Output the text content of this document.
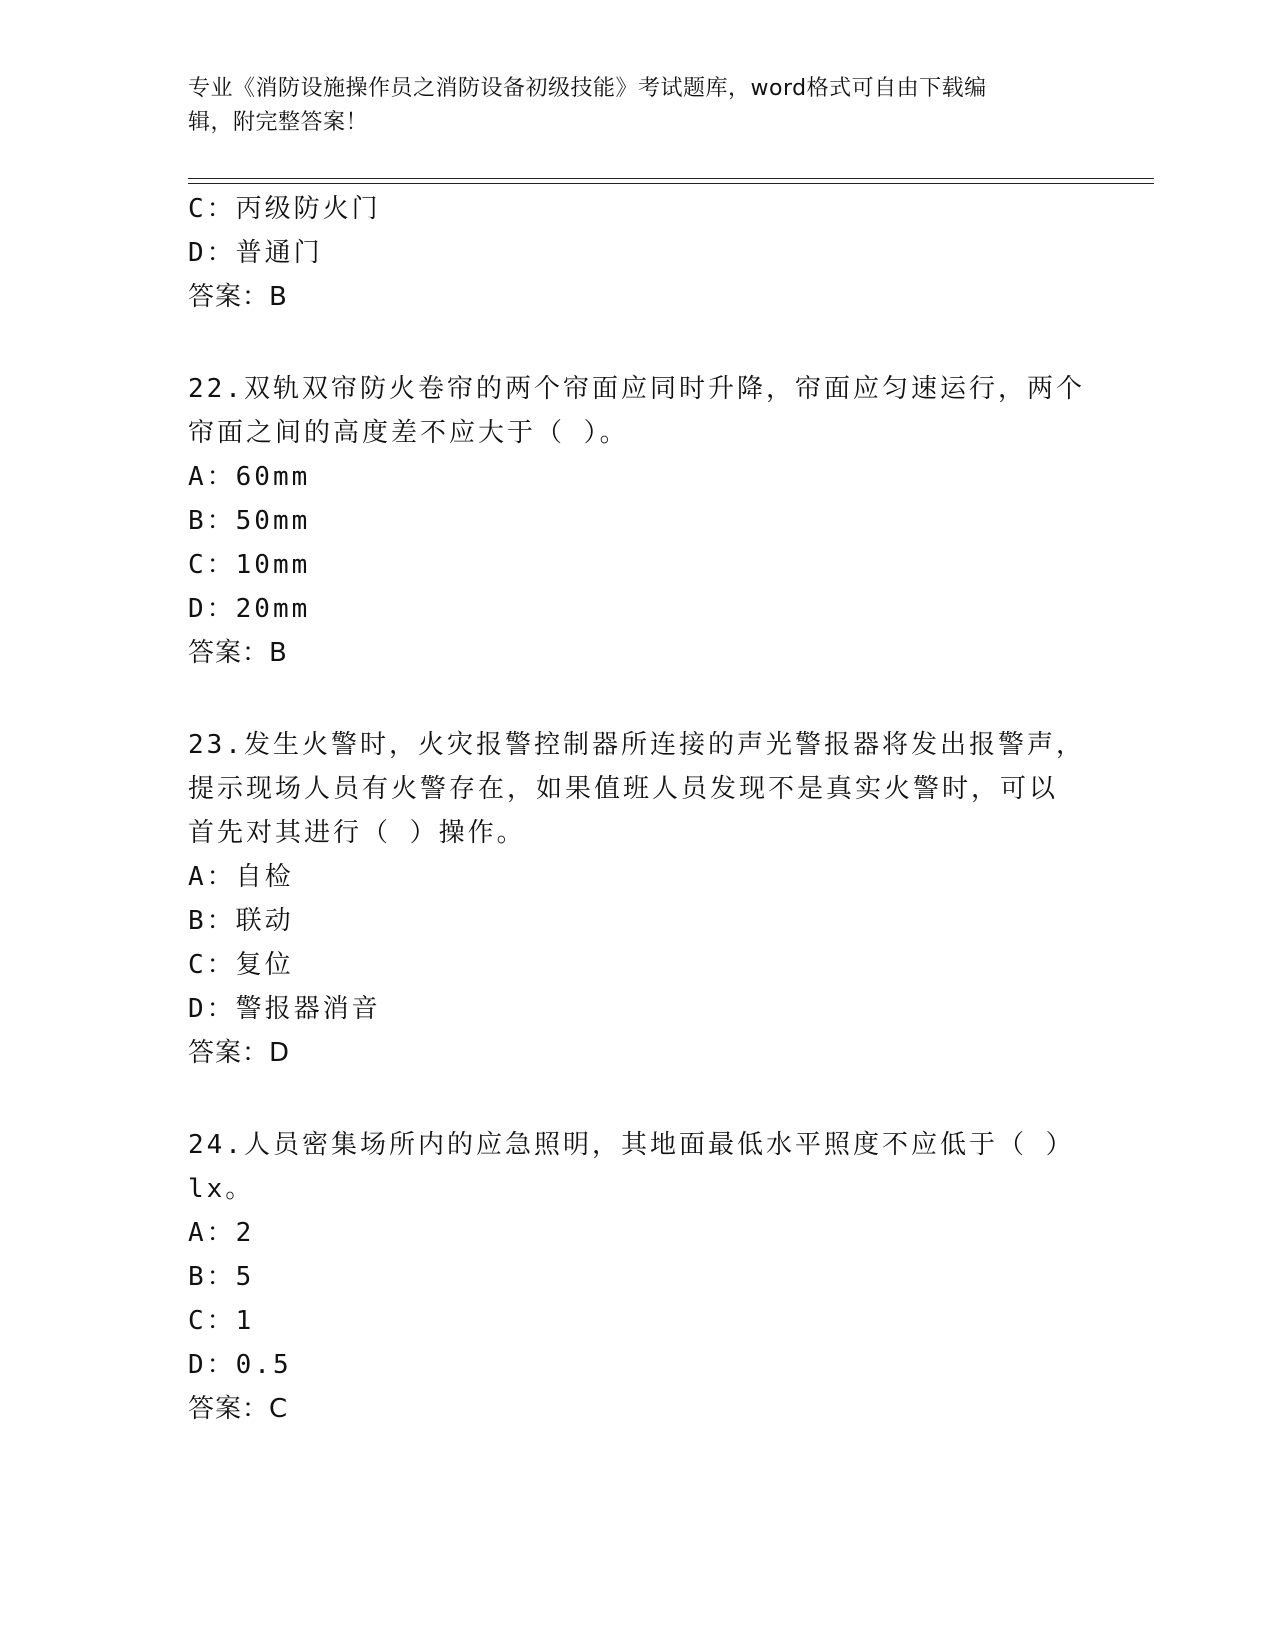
专业《消防设施操作员之消防设备初级技能》考试题库，word格式可自由下载编
辑，附完整答案！
C：丙级防火门
D：普通门
答案：B
22.双轨双帘防火卷帘的两个帘面应同时升降，帘面应匀速运行，两个
帘面之间的高度差不应大于（ ）。
A：60mm
B：50mm
C：10mm
D：20mm
答案：B
23.发生火警时，火灾报警控制器所连接的声光警报器将发出报警声，
提示现场人员有火警存在，如果值班人员发现不是真实火警时，可以
首先对其进行（ ）操作。
A：自检
B：联动
C：复位
D：警报器消音
答案：D
24.人员密集场所内的应急照明，其地面最低水平照度不应低于（ ）
lx。
A：2
B：5
C：1
D：0.5
答案：C
